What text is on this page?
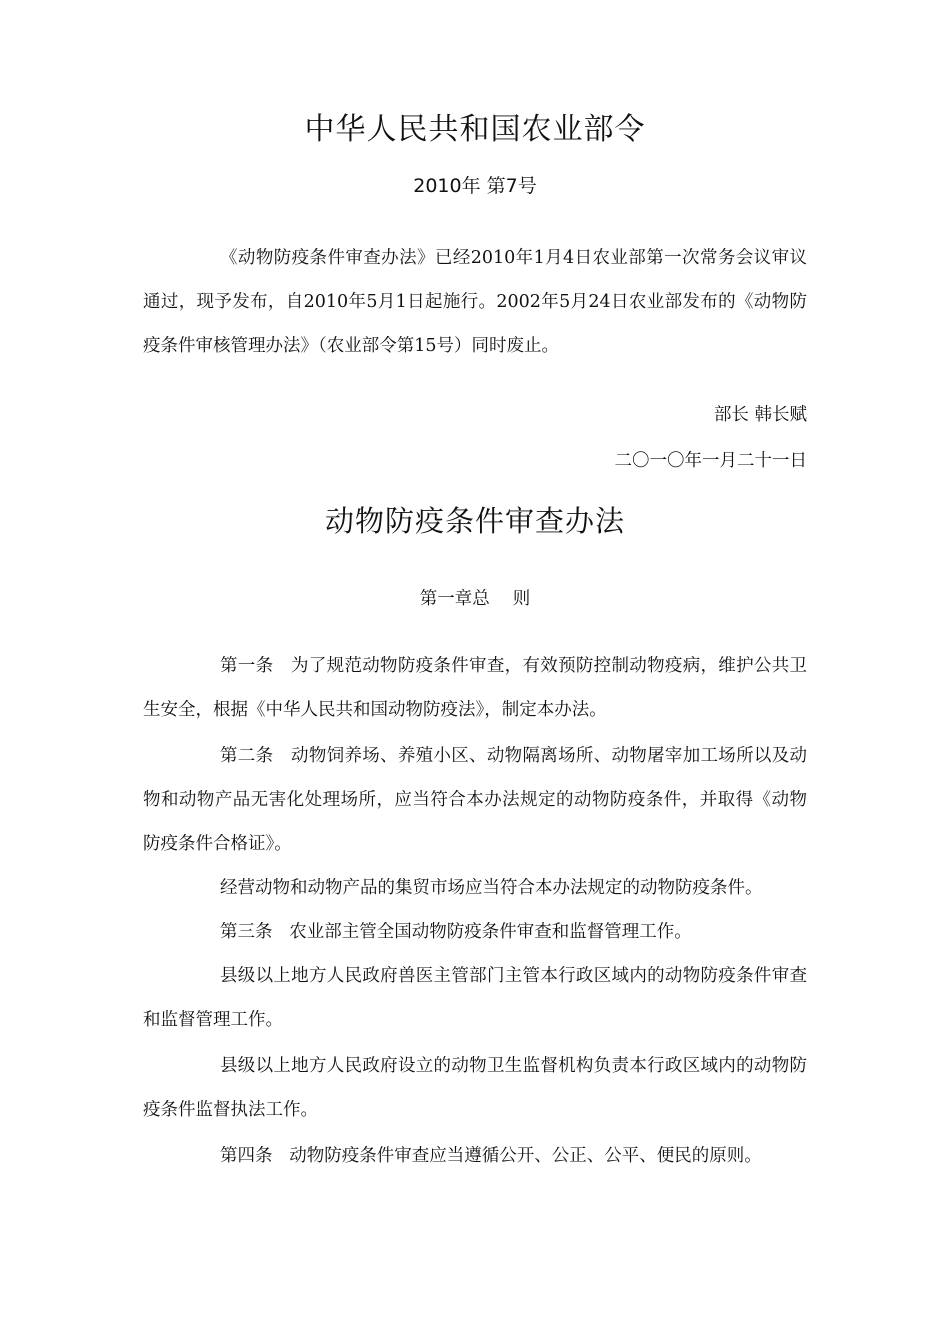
中华人民共和国农业部令
2010年 第7号

《动物防疫条件审查办法》已经2010年1月4日农业部第一次常务会议审议通过，现予发布，自2010年5月1日起施行。2002年5月24日农业部发布的《动物防疫条件审核管理办法》（农业部令第15号）同时废止。

部长 韩长赋
二〇一〇年一月二十一日
动物防疫条件审查办法
第一章总　 则

第一条 为了规范动物防疫条件审查，有效预防控制动物疫病，维护公共卫生安全，根据《中华人民共和国动物防疫法》，制定本办法。

第二条 动物饲养场、养殖小区、动物隔离场所、动物屠宰加工场所以及动物和动物产品无害化处理场所，应当符合本办法规定的动物防疫条件，并取得《动物防疫条件合格证》。

经营动物和动物产品的集贸市场应当符合本办法规定的动物防疫条件。

第三条 农业部主管全国动物防疫条件审查和监督管理工作。

县级以上地方人民政府兽医主管部门主管本行政区域内的动物防疫条件审查和监督管理工作。

县级以上地方人民政府设立的动物卫生监督机构负责本行政区域内的动物防疫条件监督执法工作。

第四条 动物防疫条件审查应当遵循公开、公正、公平、便民的原则。
